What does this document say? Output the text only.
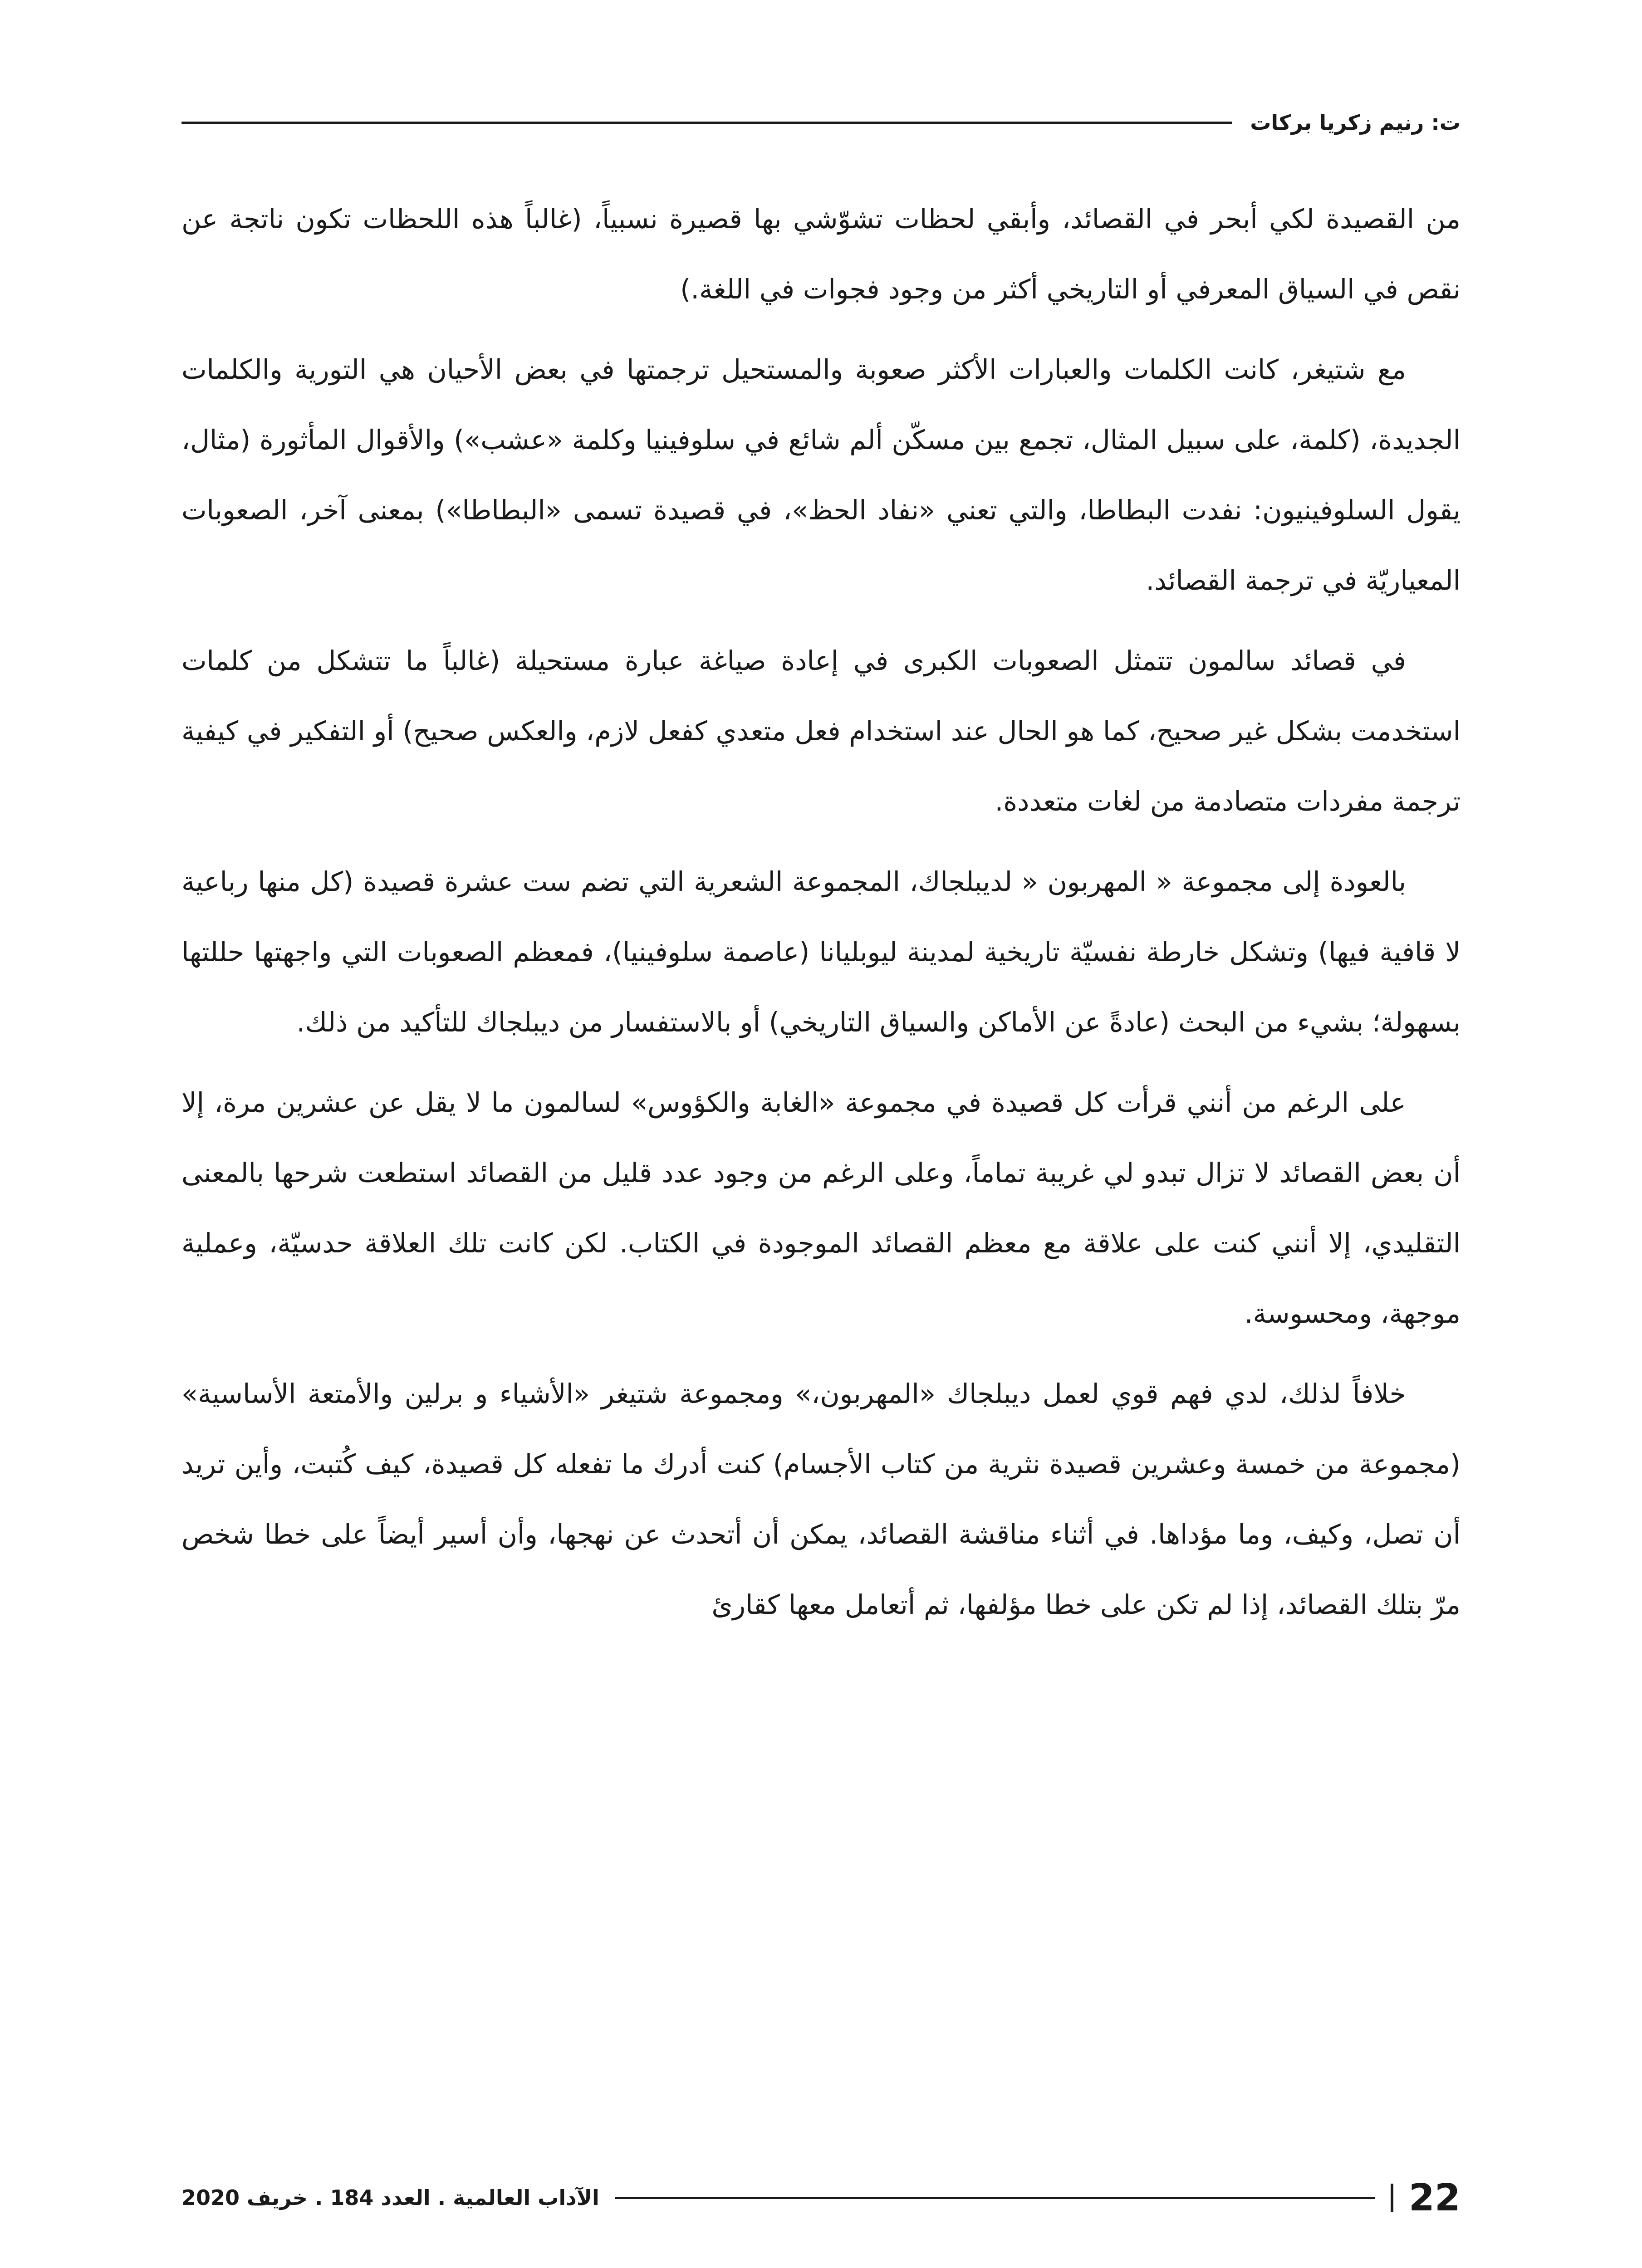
ت: رنيم زكريا بركات

من القصيدة لكي أبحر في القصائد، وأبقي لحظات تشوّشي بها قصيرة نسبياً، (غالباً هذه اللحظات تكون ناتجة عن نقص في السياق المعرفي أو التاريخي أكثر من وجود فجوات في اللغة.)

مع شتيغر، كانت الكلمات والعبارات الأكثر صعوبة والمستحيل ترجمتها في بعض الأحيان هي التورية والكلمات الجديدة، (كلمة، على سبيل المثال، تجمع بين مسكّن ألم شائع في سلوفينيا وكلمة «عشب») والأقوال المأثورة (مثال، يقول السلوفينيون: نفدت البطاطا، والتي تعني «نفاد الحظ»، في قصيدة تسمى «البطاطا») بمعنى آخر، الصعوبات المعياريّة في ترجمة القصائد.

في قصائد سالمون تتمثل الصعوبات الكبرى في إعادة صياغة عبارة مستحيلة (غالباً ما تتشكل من كلمات استخدمت بشكل غير صحيح، كما هو الحال عند استخدام فعل متعدي كفعل لازم، والعكس صحيح) أو التفكير في كيفية ترجمة مفردات متصادمة من لغات متعددة.

بالعودة إلى مجموعة « المهربون « لديبلجاك، المجموعة الشعرية التي تضم ست عشرة قصيدة (كل منها رباعية لا قافية فيها) وتشكل خارطة نفسيّة تاريخية لمدينة ليوبليانا (عاصمة سلوفينيا)، فمعظم الصعوبات التي واجهتها حللتها بسهولة؛ بشيء من البحث (عادةً عن الأماكن والسياق التاريخي) أو بالاستفسار من ديبلجاك للتأكيد من ذلك.

على الرغم من أنني قرأت كل قصيدة في مجموعة «الغابة والكؤوس» لسالمون ما لا يقل عن عشرين مرة، إلا أن بعض القصائد لا تزال تبدو لي غريبة تماماً، وعلى الرغم من وجود عدد قليل من القصائد استطعت شرحها بالمعنى التقليدي، إلا أنني كنت على علاقة مع معظم القصائد الموجودة في الكتاب. لكن كانت تلك العلاقة حدسيّة، وعملية موجهة، ومحسوسة.

خلافاً لذلك، لدي فهم قوي لعمل ديبلجاك «المهربون،» ومجموعة شتيغر «الأشياء و برلين والأمتعة الأساسية» (مجموعة من خمسة وعشرين قصيدة نثرية من كتاب الأجسام) كنت أدرك ما تفعله كل قصيدة، كيف كُتبت، وأين تريد أن تصل، وكيف، وما مؤداها. في أثناء مناقشة القصائد، يمكن أن أتحدث عن نهجها، وأن أسير أيضاً على خطا شخص مرّ بتلك القصائد، إذا لم تكن على خطا مؤلفها، ثم أتعامل معها كقارئ

22
الآداب العالمية . العدد 184 . خريف 2020
